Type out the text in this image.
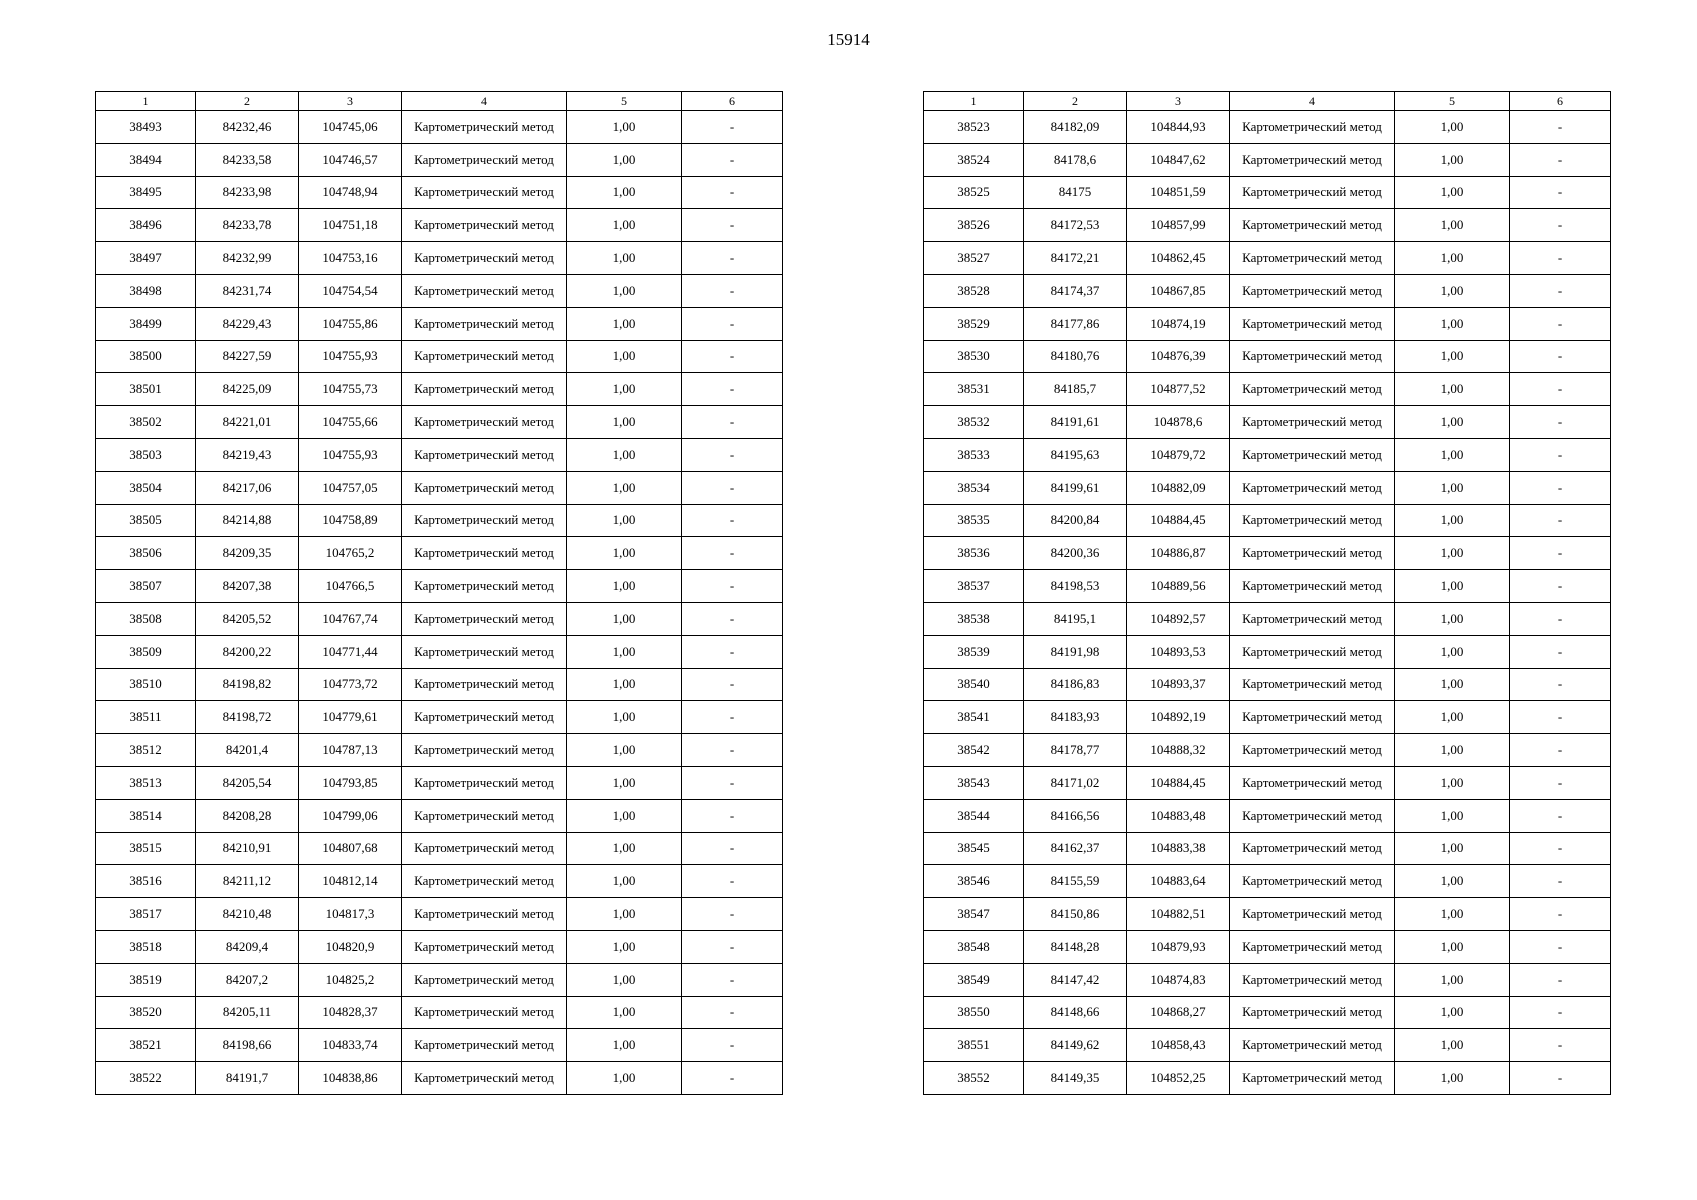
15914
1	2	3	4	5	6
38493	84232,46	104745,06	Картометрический метод	1,00	-
38494	84233,58	104746,57	Картометрический метод	1,00	-
38495	84233,98	104748,94	Картометрический метод	1,00	-
38496	84233,78	104751,18	Картометрический метод	1,00	-
38497	84232,99	104753,16	Картометрический метод	1,00	-
38498	84231,74	104754,54	Картометрический метод	1,00	-
38499	84229,43	104755,86	Картометрический метод	1,00	-
38500	84227,59	104755,93	Картометрический метод	1,00	-
38501	84225,09	104755,73	Картометрический метод	1,00	-
38502	84221,01	104755,66	Картометрический метод	1,00	-
38503	84219,43	104755,93	Картометрический метод	1,00	-
38504	84217,06	104757,05	Картометрический метод	1,00	-
38505	84214,88	104758,89	Картометрический метод	1,00	-
38506	84209,35	104765,2	Картометрический метод	1,00	-
38507	84207,38	104766,5	Картометрический метод	1,00	-
38508	84205,52	104767,74	Картометрический метод	1,00	-
38509	84200,22	104771,44	Картометрический метод	1,00	-
38510	84198,82	104773,72	Картометрический метод	1,00	-
38511	84198,72	104779,61	Картометрический метод	1,00	-
38512	84201,4	104787,13	Картометрический метод	1,00	-
38513	84205,54	104793,85	Картометрический метод	1,00	-
38514	84208,28	104799,06	Картометрический метод	1,00	-
38515	84210,91	104807,68	Картометрический метод	1,00	-
38516	84211,12	104812,14	Картометрический метод	1,00	-
38517	84210,48	104817,3	Картометрический метод	1,00	-
38518	84209,4	104820,9	Картометрический метод	1,00	-
38519	84207,2	104825,2	Картометрический метод	1,00	-
38520	84205,11	104828,37	Картометрический метод	1,00	-
38521	84198,66	104833,74	Картометрический метод	1,00	-
38522	84191,7	104838,86	Картометрический метод	1,00	-
1	2	3	4	5	6
38523	84182,09	104844,93	Картометрический метод	1,00	-
38524	84178,6	104847,62	Картометрический метод	1,00	-
38525	84175	104851,59	Картометрический метод	1,00	-
38526	84172,53	104857,99	Картометрический метод	1,00	-
38527	84172,21	104862,45	Картометрический метод	1,00	-
38528	84174,37	104867,85	Картометрический метод	1,00	-
38529	84177,86	104874,19	Картометрический метод	1,00	-
38530	84180,76	104876,39	Картометрический метод	1,00	-
38531	84185,7	104877,52	Картометрический метод	1,00	-
38532	84191,61	104878,6	Картометрический метод	1,00	-
38533	84195,63	104879,72	Картометрический метод	1,00	-
38534	84199,61	104882,09	Картометрический метод	1,00	-
38535	84200,84	104884,45	Картометрический метод	1,00	-
38536	84200,36	104886,87	Картометрический метод	1,00	-
38537	84198,53	104889,56	Картометрический метод	1,00	-
38538	84195,1	104892,57	Картометрический метод	1,00	-
38539	84191,98	104893,53	Картометрический метод	1,00	-
38540	84186,83	104893,37	Картометрический метод	1,00	-
38541	84183,93	104892,19	Картометрический метод	1,00	-
38542	84178,77	104888,32	Картометрический метод	1,00	-
38543	84171,02	104884,45	Картометрический метод	1,00	-
38544	84166,56	104883,48	Картометрический метод	1,00	-
38545	84162,37	104883,38	Картометрический метод	1,00	-
38546	84155,59	104883,64	Картометрический метод	1,00	-
38547	84150,86	104882,51	Картометрический метод	1,00	-
38548	84148,28	104879,93	Картометрический метод	1,00	-
38549	84147,42	104874,83	Картометрический метод	1,00	-
38550	84148,66	104868,27	Картометрический метод	1,00	-
38551	84149,62	104858,43	Картометрический метод	1,00	-
38552	84149,35	104852,25	Картометрический метод	1,00	-
